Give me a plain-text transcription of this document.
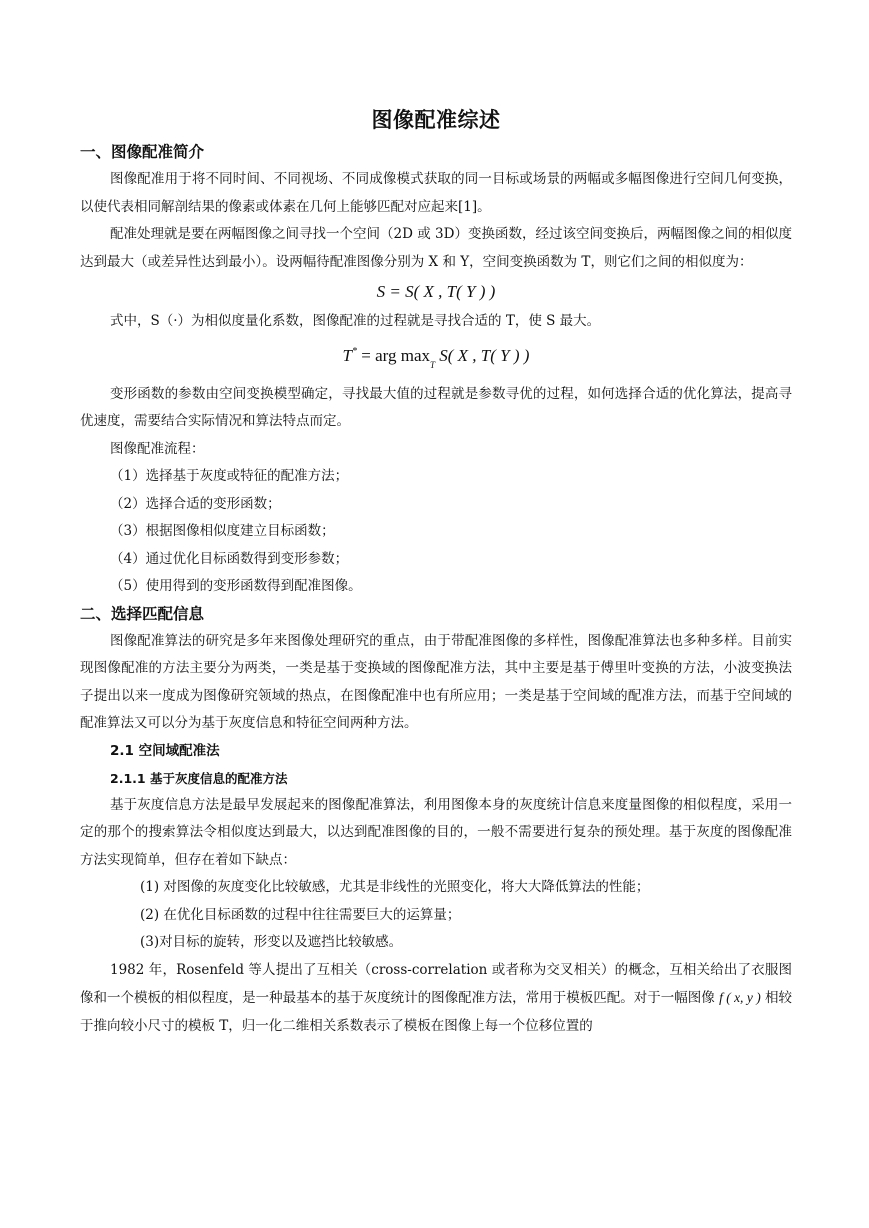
图像配准综述

一、图像配准简介

图像配准用于将不同时间、不同视场、不同成像模式获取的同一目标或场景的两幅或多幅图像进行空间几何变换，以使代表相同解剖结果的像素或体素在几何上能够匹配对应起来[1]。

配准处理就是要在两幅图像之间寻找一个空间（2D 或 3D）变换函数，经过该空间变换后，两幅图像之间的相似度达到最大（或差异性达到最小）。设两幅待配准图像分别为 X 和 Y，空间变换函数为 T，则它们之间的相似度为：

S = S( X , T( Y ) )

式中，S（·）为相似度量化系数，图像配准的过程就是寻找合适的 T，使 S 最大。

T* = arg $\max_T S$( X , T( Y ) )

变形函数的参数由空间变换模型确定，寻找最大值的过程就是参数寻优的过程，如何选择合适的优化算法，提高寻优速度，需要结合实际情况和算法特点而定。

图像配准流程：

（1）选择基于灰度或特征的配准方法；

（2）选择合适的变形函数；

（3）根据图像相似度建立目标函数；

（4）通过优化目标函数得到变形参数；

（5）使用得到的变形函数得到配准图像。

二、选择匹配信息

图像配准算法的研究是多年来图像处理研究的重点，由于带配准图像的多样性，图像配准算法也多种多样。目前实现图像配准的方法主要分为两类，一类是基于变换域的图像配准方法，其中主要是基于傅里叶变换的方法，小波变换法子提出以来一度成为图像研究领域的热点，在图像配准中也有所应用；一类是基于空间域的配准方法，而基于空间域的配准算法又可以分为基于灰度信息和特征空间两种方法。

2.1 空间域配准法

2.1.1 基于灰度信息的配准方法

基于灰度信息方法是最早发展起来的图像配准算法，利用图像本身的灰度统计信息来度量图像的相似程度，采用一定的那个的搜索算法令相似度达到最大，以达到配准图像的目的，一般不需要进行复杂的预处理。基于灰度的图像配准方法实现简单，但存在着如下缺点：

(1) 对图像的灰度变化比较敏感，尤其是非线性的光照变化，将大大降低算法的性能；

(2) 在优化目标函数的过程中往往需要巨大的运算量；

(3)对目标的旋转，形变以及遮挡比较敏感。

1982 年，Rosenfeld 等人提出了互相关（cross-correlation 或者称为交叉相关）的概念，互相关给出了衣服图像和一个模板的相似程度，是一种最基本的基于灰度统计的图像配准方法，常用于模板匹配。对于一幅图像 f ( x, y ) 相较于推向较小尺寸的模板 T，归一化二维相关系数表示了模板在图像上每一个位移位置的
